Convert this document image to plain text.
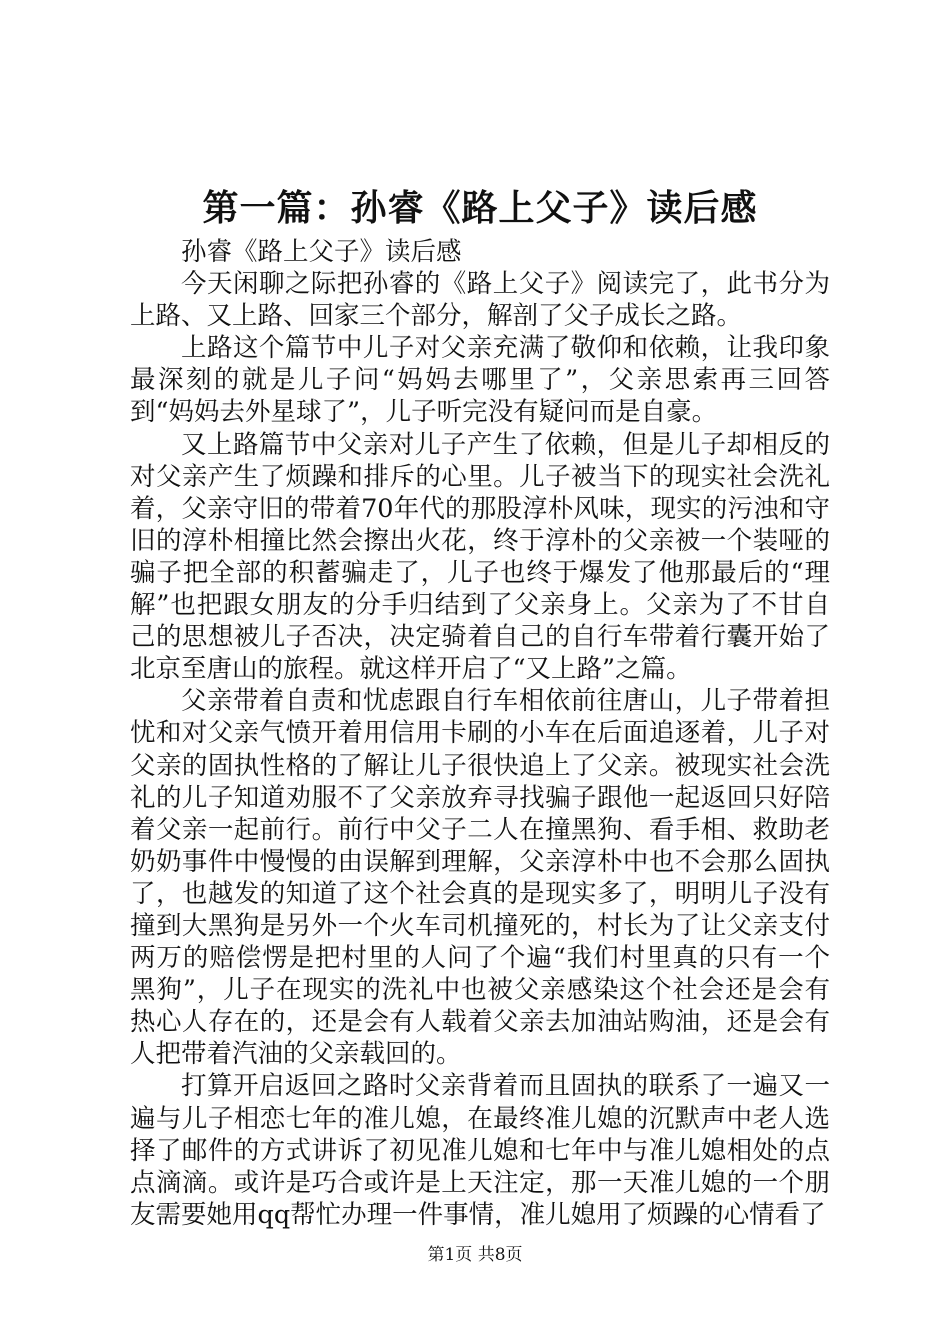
第一篇：孙睿《路上父子》读后感

孙睿《路上父子》读后感

今天闲聊之际把孙睿的《路上父子》阅读完了，此书分为上路、又上路、回家三个部分，解剖了父子成长之路。

上路这个篇节中儿子对父亲充满了敬仰和依赖，让我印象最深刻的就是儿子问“妈妈去哪里了”，父亲思索再三回答到“妈妈去外星球了”，儿子听完没有疑问而是自豪。

又上路篇节中父亲对儿子产生了依赖，但是儿子却相反的对父亲产生了烦躁和排斥的心里。儿子被当下的现实社会洗礼着，父亲守旧的带着70年代的那股淳朴风味，现实的污浊和守旧的淳朴相撞比然会擦出火花，终于淳朴的父亲被一个装哑的骗子把全部的积蓄骗走了，儿子也终于爆发了他那最后的“理解”也把跟女朋友的分手归结到了父亲身上。父亲为了不甘自己的思想被儿子否决，决定骑着自己的自行车带着行囊开始了北京至唐山的旅程。就这样开启了“又上路”之篇。

父亲带着自责和忧虑跟自行车相依前往唐山，儿子带着担忧和对父亲气愤开着用信用卡刷的小车在后面追逐着，儿子对父亲的固执性格的了解让儿子很快追上了父亲。被现实社会洗礼的儿子知道劝服不了父亲放弃寻找骗子跟他一起返回只好陪着父亲一起前行。前行中父子二人在撞黑狗、看手相、救助老奶奶事件中慢慢的由误解到理解，父亲淳朴中也不会那么固执了，也越发的知道了这个社会真的是现实多了，明明儿子没有撞到大黑狗是另外一个火车司机撞死的，村长为了让父亲支付两万的赔偿愣是把村里的人问了个遍“我们村里真的只有一个黑狗”，儿子在现实的洗礼中也被父亲感染这个社会还是会有热心人存在的，还是会有人载着父亲去加油站购油，还是会有人把带着汽油的父亲载回的。

打算开启返回之路时父亲背着而且固执的联系了一遍又一遍与儿子相恋七年的准儿媳，在最终准儿媳的沉默声中老人选择了邮件的方式讲诉了初见准儿媳和七年中与准儿媳相处的点点滴滴。或许是巧合或许是上天注定，那一天准儿媳的一个朋友需要她用qq帮忙办理一件事情，准儿媳用了烦躁的心情看了

第1页 共8页
